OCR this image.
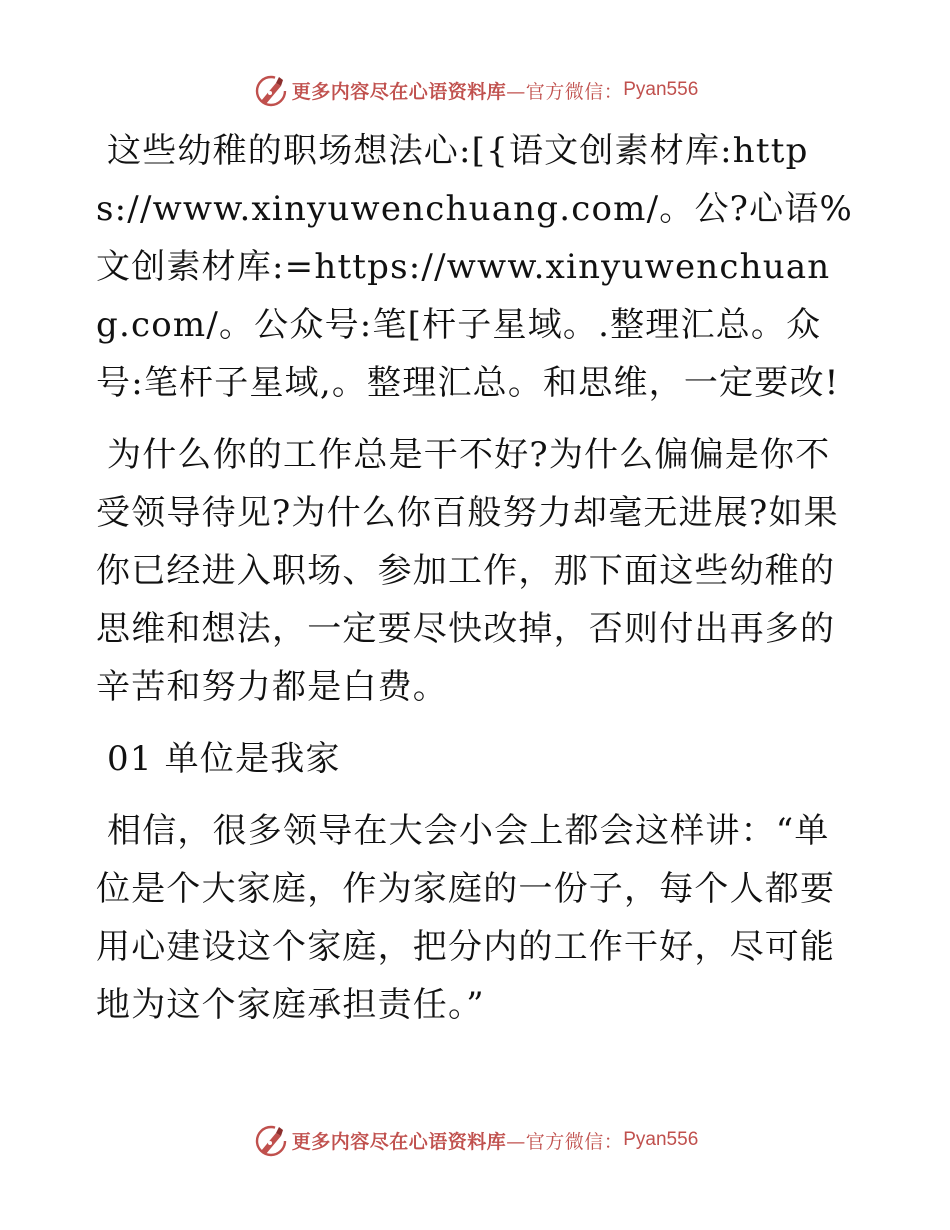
更多内容尽在心语资料库 —官方微信： Pyan556

这些幼稚的职场想法心:[{语文创素材库:https://www.xinyuwenchuang.com/。公?心语%文创素材库:=https://www.xinyuwenchuang.com/。公众号:笔[杆子星域。.整理汇总。众号:笔杆子星域,。整理汇总。和思维，一定要改!

为什么你的工作总是干不好?为什么偏偏是你不受领导待见?为什么你百般努力却毫无进展?如果你已经进入职场、参加工作，那下面这些幼稚的思维和想法，一定要尽快改掉，否则付出再多的辛苦和努力都是白费。

01 单位是我家

相信，很多领导在大会小会上都会这样讲：“单位是个大家庭，作为家庭的一份子，每个人都要用心建设这个家庭，把分内的工作干好，尽可能地为这个家庭承担责任。”

更多内容尽在心语资料库 —官方微信： Pyan556
